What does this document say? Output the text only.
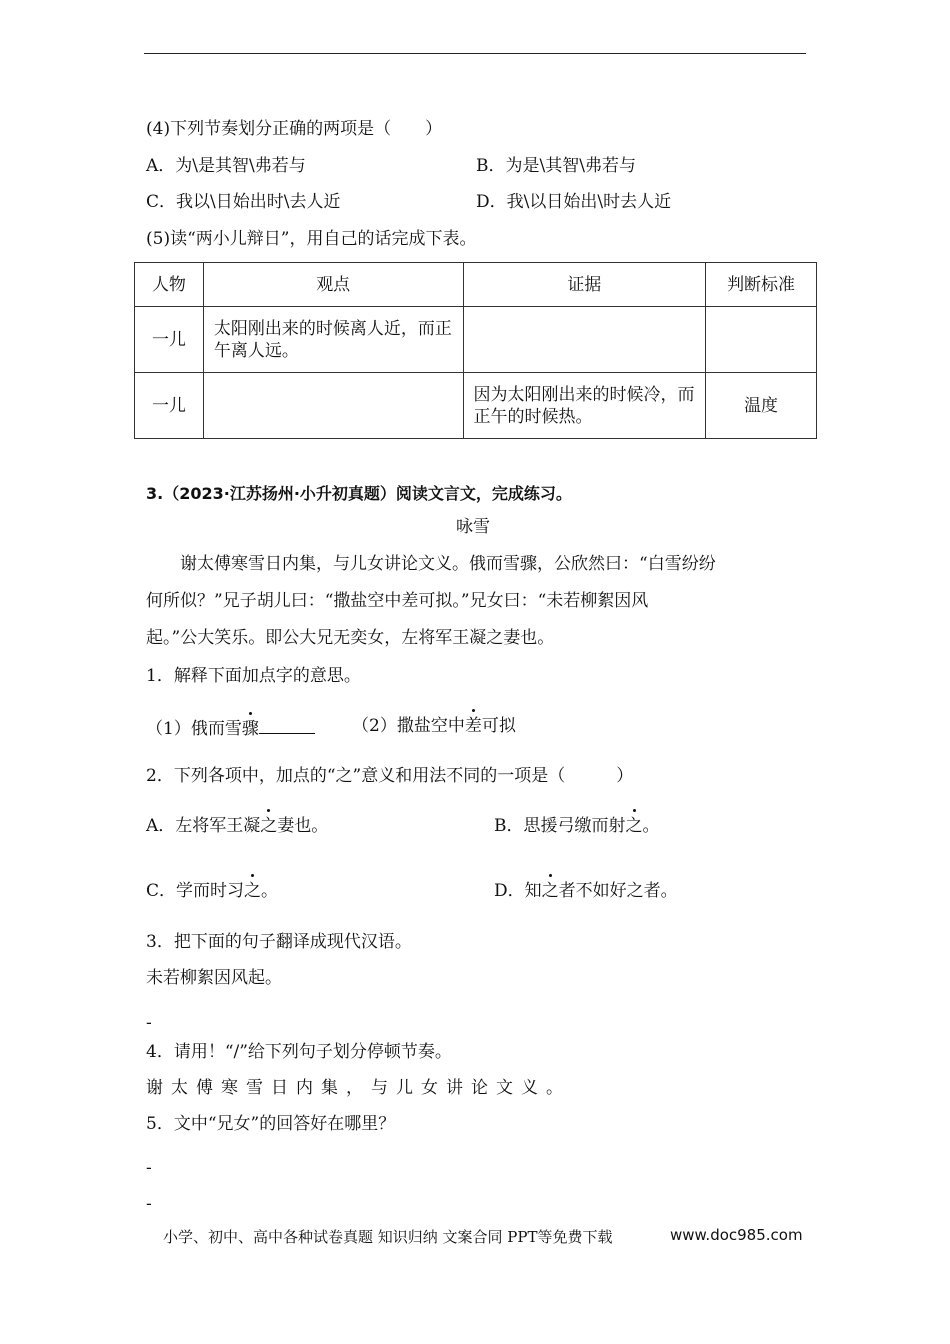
(4)下列节奏划分正确的两项是（　　）
A．为\是其智\弗若与	B．为是\其智\弗若与
C．我以\日始出时\去人近	D．我\以日始出\时去人近
(5)读“两小儿辩日”，用自己的话完成下表。
人物	观点	证据	判断标准
一儿	太阳刚出来的时候离人近，而正午离人远。		
一儿		因为太阳刚出来的时候冷，而正午的时候热。	温度
3.（2023·江苏扬州·小升初真题）阅读文言文，完成练习。
咏雪
谢太傅寒雪日内集，与儿女讲论文义。俄而雪骤，公欣然曰：“白雪纷纷
何所似？”兄子胡儿曰：“撒盐空中差可拟。”兄女曰：“未若柳絮因风
起。”公大笑乐。即公大兄无奕女，左将军王凝之妻也。
1．解释下面加点字的意思。
（1）俄而雪骤	（2）撒盐空中差可拟
2．下列各项中，加点的“之”意义和用法不同的一项是（　　　）
A．左将军王凝之妻也。	B．思援弓缴而射之。
C．学而时习之。	D．知之者不如好之者。
3．把下面的句子翻译成现代汉语。
未若柳絮因风起。
-
4．请用！“/”给下列句子划分停顿节奏。
谢太傅寒雪日内集，与儿女讲论文义。
5．文中“兄女”的回答好在哪里？
-
-
小学、初中、高中各种试卷真题 知识归纳 文案合同 PPT等免费下载	www.doc985.com
